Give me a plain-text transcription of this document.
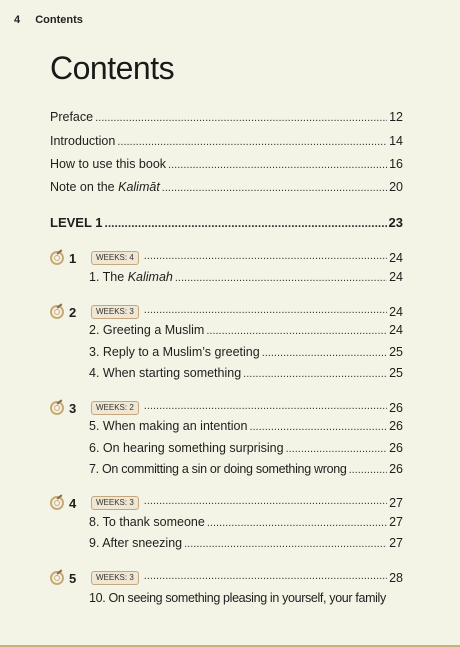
4 Contents
Contents
Preface .....	12
Introduction .....	14
How to use this book .....	16
Note on the Kalimāt .....	20
LEVEL 1 .....	23
1	WEEKS: 4 .....	24
1. The Kalimah .....	24
2	WEEKS: 3 .....	24
2. Greeting a Muslim .....	24
3. Reply to a Muslim’s greeting .....	25
4. When starting something .....	25
3	WEEKS: 2 .....	26
5. When making an intention .....	26
6. On hearing something surprising .....	26
7. On committing a sin or doing something wrong .....	26
4	WEEKS: 3 .....	27
8. To thank someone .....	27
9. After sneezing .....	27
5	WEEKS: 3 .....	28
10. On seeing something pleasing in yourself, your family
